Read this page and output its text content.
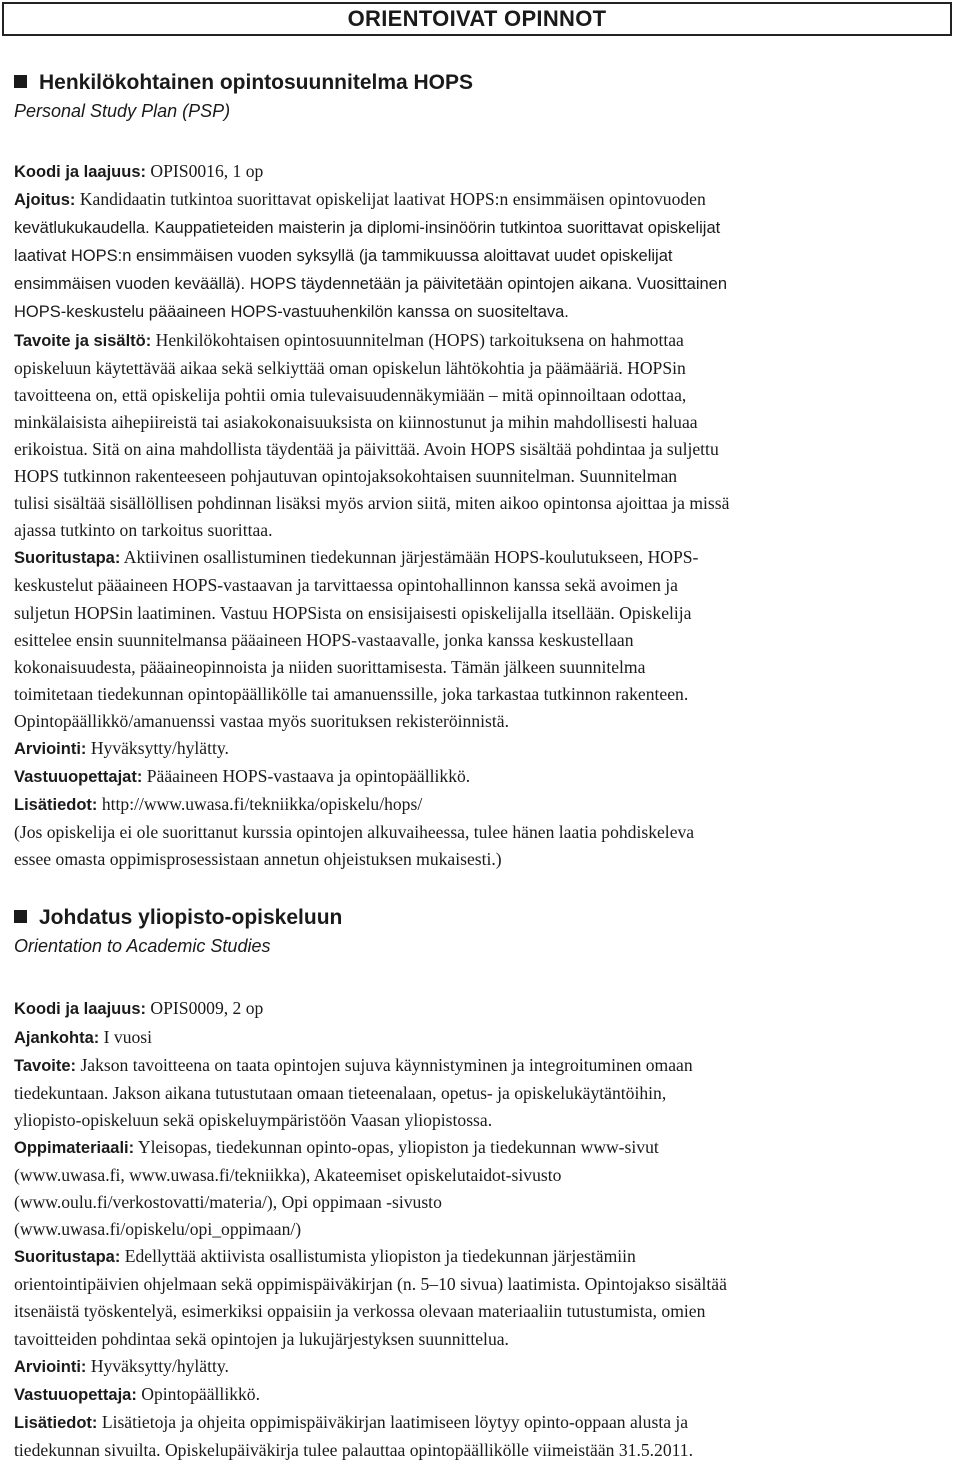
ORIENTOIVAT OPINNOT
Henkilökohtainen opintosuunnitelma HOPS

Personal Study Plan (PSP)

Koodi ja laajuus: OPIS0016, 1 op

Ajoitus: Kandidaatin tutkintoa suorittavat opiskelijat laativat HOPS:n ensimmäisen opintovuoden
kevätlukukaudella. Kauppatieteiden maisterin ja diplomi-insinöörin tutkintoa suorittavat opiskelijat
laativat HOPS:n ensimmäisen vuoden syksyllä (ja tammikuussa aloittavat uudet opiskelijat
ensimmäisen vuoden keväällä). HOPS täydennetään ja päivitetään opintojen aikana. Vuosittainen
HOPS-keskustelu pääaineen HOPS-vastuuhenkilön kanssa on suositeltava.

Tavoite ja sisältö: Henkilökohtaisen opintosuunnitelman (HOPS) tarkoituksena on hahmottaa
opiskeluun käytettävää aikaa sekä selkiyttää oman opiskelun lähtökohtia ja päämääriä. HOPSin
tavoitteena on, että opiskelija pohtii omia tulevaisuudennäkymiään – mitä opinnoiltaan odottaa,
minkälaisista aihepiireistä tai asiakokonaisuuksista on kiinnostunut ja mihin mahdollisesti haluaa
erikoistua. Sitä on aina mahdollista täydentää ja päivittää. Avoin HOPS sisältää pohdintaa ja suljettu
HOPS tutkinnon rakenteeseen pohjautuvan opintojaksokohtaisen suunnitelman. Suunnitelman
tulisi sisältää sisällöllisen pohdinnan lisäksi myös arvion siitä, miten aikoo opintonsa ajoittaa ja missä
ajassa tutkinto on tarkoitus suorittaa.

Suoritustapa: Aktiivinen osallistuminen tiedekunnan järjestämään HOPS-koulutukseen, HOPS-
keskustelut pääaineen HOPS-vastaavan ja tarvittaessa opintohallinnon kanssa sekä avoimen ja
suljetun HOPSin laatiminen. Vastuu HOPSista on ensisijaisesti opiskelijalla itsellään. Opiskelija
esittelee ensin suunnitelmansa pääaineen HOPS-vastaavalle, jonka kanssa keskustellaan
kokonaisuudesta, pääaineopinnoista ja niiden suorittamisesta. Tämän jälkeen suunnitelma
toimitetaan tiedekunnan opintopäällikölle tai amanuenssille, joka tarkastaa tutkinnon rakenteen.
Opintopäällikkö/amanuenssi vastaa myös suorituksen rekisteröinnistä.

Arviointi: Hyväksytty/hylätty.

Vastuuopettajat: Pääaineen HOPS-vastaava ja opintopäällikkö.

Lisätiedot: http://www.uwasa.fi/tekniikka/opiskelu/hops/

(Jos opiskelija ei ole suorittanut kurssia opintojen alkuvaiheessa, tulee hänen laatia pohdiskeleva
essee omasta oppimisprosessistaan annetun ohjeistuksen mukaisesti.)

Johdatus yliopisto-opiskeluun

Orientation to Academic Studies

Koodi ja laajuus: OPIS0009, 2 op

Ajankohta: I vuosi

Tavoite: Jakson tavoitteena on taata opintojen sujuva käynnistyminen ja integroituminen omaan
tiedekuntaan. Jakson aikana tutustutaan omaan tieteenalaan, opetus- ja opiskelukäytäntöihin,
yliopisto-opiskeluun sekä opiskeluympäristöön Vaasan yliopistossa.

Oppimateriaali: Yleisopas, tiedekunnan opinto-opas, yliopiston ja tiedekunnan www-sivut
(www.uwasa.fi, www.uwasa.fi/tekniikka), Akateemiset opiskelutaidot-sivusto
(www.oulu.fi/verkostovatti/materia/), Opi oppimaan -sivusto
(www.uwasa.fi/opiskelu/opi_oppimaan/)

Suoritustapa: Edellyttää aktiivista osallistumista yliopiston ja tiedekunnan järjestämiin
orientointipäivien ohjelmaan sekä oppimispäiväkirjan (n. 5–10 sivua) laatimista. Opintojakso sisältää
itsenäistä työskentelyä, esimerkiksi oppaisiin ja verkossa olevaan materiaaliin tutustumista, omien
tavoitteiden pohdintaa sekä opintojen ja lukujärjestyksen suunnittelua.

Arviointi: Hyväksytty/hylätty.

Vastuuopettaja: Opintopäällikkö.

Lisätiedot: Lisätietoja ja ohjeita oppimispäiväkirjan laatimiseen löytyy opinto-oppaan alusta ja
tiedekunnan sivuilta. Opiskelupäiväkirja tulee palauttaa opintopäällikölle viimeistään 31.5.2011.
